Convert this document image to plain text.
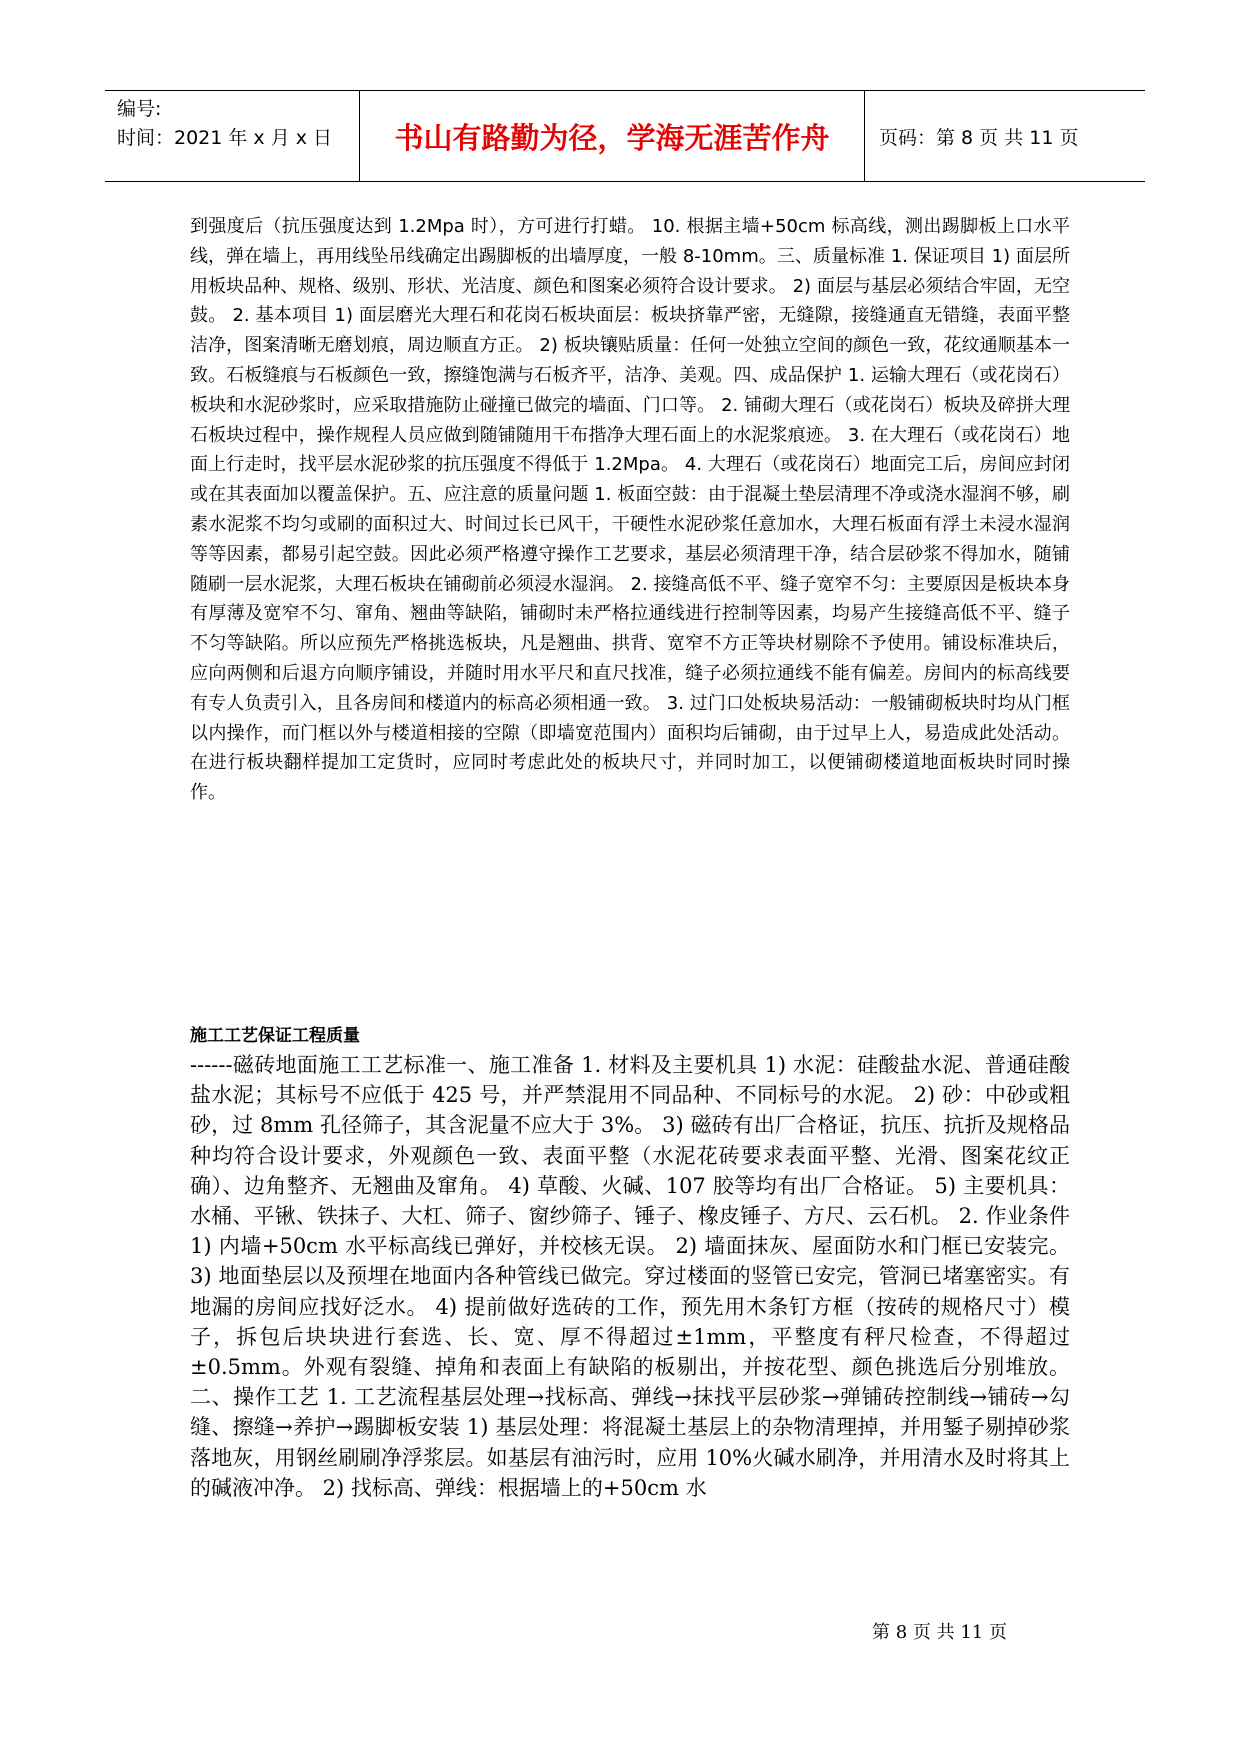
编号:
时间：2021 年 x 月 x 日	书山有路勤为径，学海无涯苦作舟	页码：第 8 页 共 11 页
到强度后（抗压强度达到 1.2Mpa 时），方可进行打蜡。 10. 根据主墙+50cm 标高线，测出踢脚板上口水平线，弹在墙上，再用线坠吊线确定出踢脚板的出墙厚度，一般 8-10mm。三、质量标准 1. 保证项目 1) 面层所用板块品种、规格、级别、形状、光洁度、颜色和图案必须符合设计要求。 2) 面层与基层必须结合牢固，无空鼓。 2. 基本项目 1) 面层磨光大理石和花岗石板块面层：板块挤靠严密，无缝隙，接缝通直无错缝，表面平整洁净，图案清晰无磨划痕，周边顺直方正。 2) 板块镶贴质量：任何一处独立空间的颜色一致，花纹通顺基本一致。石板缝痕与石板颜色一致，擦缝饱满与石板齐平，洁净、美观。四、成品保护 1. 运输大理石（或花岗石）板块和水泥砂浆时，应采取措施防止碰撞已做完的墙面、门口等。 2. 铺砌大理石（或花岗石）板块及碎拼大理石板块过程中，操作规程人员应做到随铺随用干布揩净大理石面上的水泥浆痕迹。 3. 在大理石（或花岗石）地面上行走时，找平层水泥砂浆的抗压强度不得低于 1.2Mpa。 4. 大理石（或花岗石）地面完工后，房间应封闭或在其表面加以覆盖保护。五、应注意的质量问题 1. 板面空鼓：由于混凝土垫层清理不净或浇水湿润不够，刷素水泥浆不均匀或刷的面积过大、时间过长已风干，干硬性水泥砂浆任意加水，大理石板面有浮土未浸水湿润等等因素，都易引起空鼓。因此必须严格遵守操作工艺要求，基层必须清理干净，结合层砂浆不得加水，随铺随刷一层水泥浆，大理石板块在铺砌前必须浸水湿润。 2. 接缝高低不平、缝子宽窄不匀：主要原因是板块本身有厚薄及宽窄不匀、窜角、翘曲等缺陷，铺砌时未严格拉通线进行控制等因素，均易产生接缝高低不平、缝子不匀等缺陷。所以应预先严格挑选板块，凡是翘曲、拱背、宽窄不方正等块材剔除不予使用。铺设标准块后，应向两侧和后退方向顺序铺设，并随时用水平尺和直尺找准，缝子必须拉通线不能有偏差。房间内的标高线要有专人负责引入，且各房间和楼道内的标高必须相通一致。 3. 过门口处板块易活动：一般铺砌板块时均从门框以内操作，而门框以外与楼道相接的空隙（即墙宽范围内）面积均后铺砌，由于过早上人，易造成此处活动。在进行板块翻样提加工定货时，应同时考虑此处的板块尺寸，并同时加工，以便铺砌楼道地面板块时同时操作。
施工工艺保证工程质量
------磁砖地面施工工艺标准一、施工准备 1. 材料及主要机具 1) 水泥：硅酸盐水泥、普通硅酸盐水泥；其标号不应低于 425 号，并严禁混用不同品种、不同标号的水泥。 2) 砂：中砂或粗砂，过 8mm 孔径筛子，其含泥量不应大于 3%。 3) 磁砖有出厂合格证，抗压、抗折及规格品种均符合设计要求，外观颜色一致、表面平整（水泥花砖要求表面平整、光滑、图案花纹正确）、边角整齐、无翘曲及窜角。 4) 草酸、火碱、107 胶等均有出厂合格证。 5) 主要机具：水桶、平锹、铁抹子、大杠、筛子、窗纱筛子、锤子、橡皮锤子、方尺、云石机。 2. 作业条件 1) 内墙+50cm 水平标高线已弹好，并校核无误。 2) 墙面抹灰、屋面防水和门框已安装完。 3) 地面垫层以及预埋在地面内各种管线已做完。穿过楼面的竖管已安完，管洞已堵塞密实。有地漏的房间应找好泛水。 4) 提前做好选砖的工作，预先用木条钉方框（按砖的规格尺寸）模子，拆包后块块进行套选、长、宽、厚不得超过±1mm，平整度有秤尺检查，不得超过±0.5mm。外观有裂缝、掉角和表面上有缺陷的板剔出，并按花型、颜色挑选后分别堆放。二、操作工艺 1. 工艺流程基层处理→找标高、弹线→抹找平层砂浆→弹铺砖控制线→铺砖→勾缝、擦缝→养护→踢脚板安装 1) 基层处理：将混凝土基层上的杂物清理掉，并用錾子剔掉砂浆落地灰，用钢丝刷刷净浮浆层。如基层有油污时，应用 10%火碱水刷净，并用清水及时将其上的碱液冲净。 2) 找标高、弹线：根据墙上的+50cm 水
第 8 页 共 11 页
